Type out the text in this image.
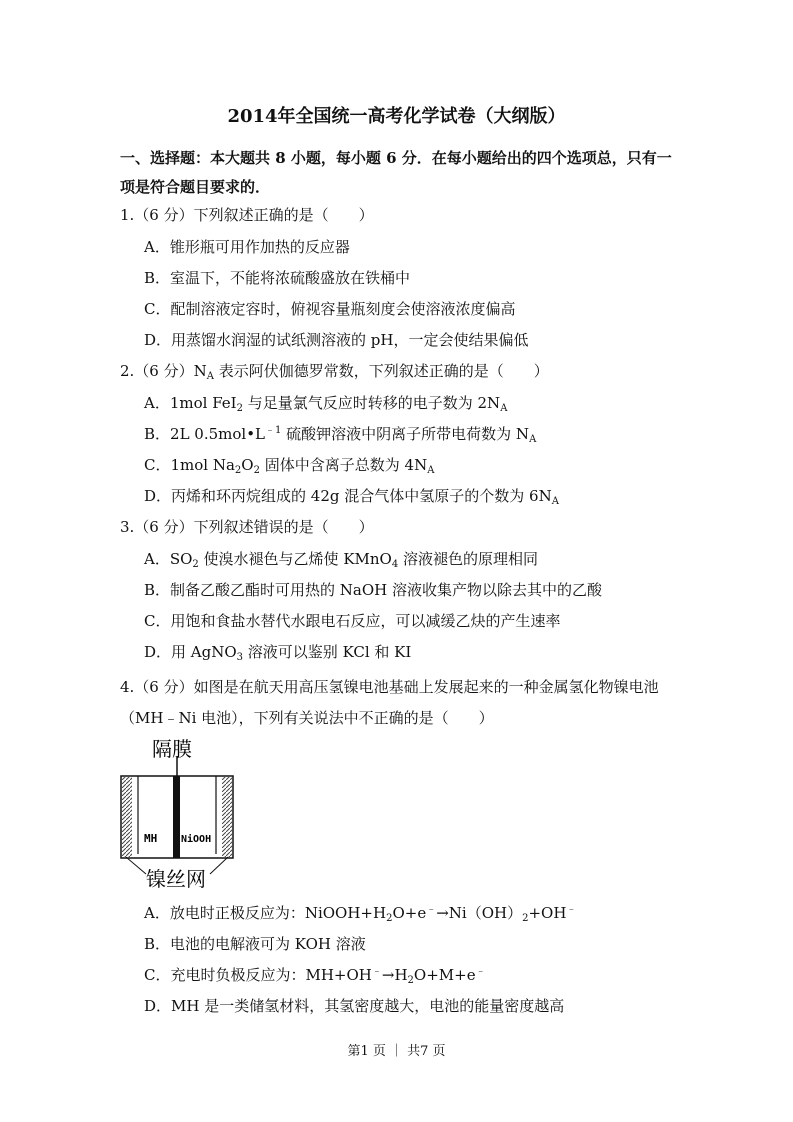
2014年全国统一高考化学试卷（大纲版）
一、选择题：本大题共 8 小题，每小题 6 分．在每小题给出的四个选项总，只有一项是符合题目要求的．
1.（6 分）下列叙述正确的是（　　）
A．锥形瓶可用作加热的反应器
B．室温下，不能将浓硫酸盛放在铁桶中
C．配制溶液定容时，俯视容量瓶刻度会使溶液浓度偏高
D．用蒸馏水润湿的试纸测溶液的 pH，一定会使结果偏低
2.（6 分）$N_A$ 表示阿伏伽德罗常数，下列叙述正确的是（　　）
A．1mol FeI$_2$ 与足量氯气反应时转移的电子数为 $2N_A$
B．2L $0.5mol•L^{﹣1}$ 硫酸钾溶液中阴离子所带电荷数为 $N_A$
C．1mol $Na_2O_2$ 固体中含离子总数为 $4N_A$
D．丙烯和环丙烷组成的 42g 混合气体中氢原子的个数为 $6N_A$
3.（6 分）下列叙述错误的是（　　）
A．$SO_2$ 使溴水褪色与乙烯使 KMnO$_4$ 溶液褪色的原理相同
B．制备乙酸乙酯时可用热的 NaOH 溶液收集产物以除去其中的乙酸
C．用饱和食盐水替代水跟电石反应，可以减缓乙炔的产生速率
D．用 AgNO$_3$ 溶液可以鉴别 KCl 和 KI
4.（6 分）如图是在航天用高压氢镍电池基础上发展起来的一种金属氢化物镍电池（MH﹣Ni 电池），下列有关说法中不正确的是（　　）
隔膜
MH NiOOH
镍丝网
A．放电时正极反应为：$NiOOH+H_2O+e^﹣\to Ni(OH)_2+OH^﹣$
B．电池的电解液可为 KOH 溶液
C．充电时负极反应为：$MH+OH^﹣\to H_2O+M+e^﹣$
D．MH 是一类储氢材料，其氢密度越大，电池的能量密度越高
第1 页 ｜ 共7 页
